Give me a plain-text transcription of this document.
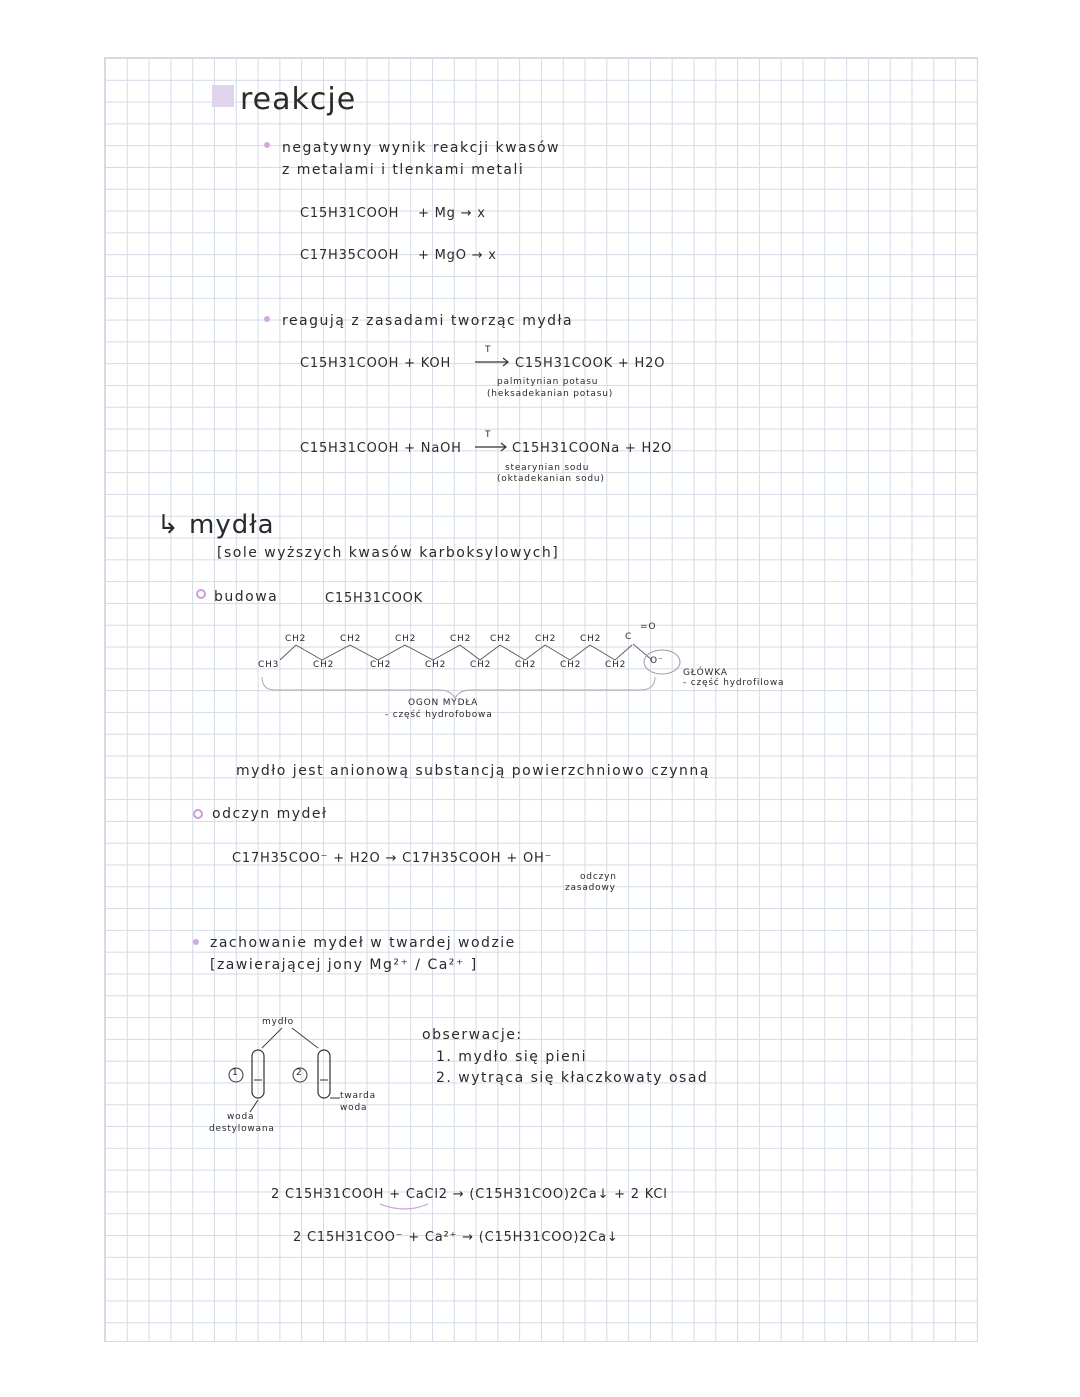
reakcje
negatywny wynik reakcji kwasów
z metalami i tlenkami metali
C15H31COOH + Mg → x
C17H35COOH + MgO → x
reagują z zasadami tworząc mydła
C15H31COOH + KOH
T
C15H31COOK + H2O
palmitynian potasu
(heksadekanian potasu)
C15H31COOH + NaOH
T
C15H31COONa + H2O
stearynian sodu
(oktadekanian sodu)
↳ mydła
[sole wyższych kwasów karboksylowych]
budowa	C15H31COOK
CH2	CH2	CH2	CH2 CH2	CH2	CH2	C
=O
CH3	CH2	CH2	CH2	CH2	CH2	CH2	CH2	O⁻
GŁÓWKA
- część hydrofilowa
OGON MYDŁA
- część hydrofobowa
mydło jest anionową substancją powierzchniowo czynną
odczyn mydeł
C17H35COO⁻ + H2O → C17H35COOH + OH⁻
odczyn
zasadowy
zachowanie mydeł w twardej wodzie
[zawierającej jony Mg²⁺ / Ca²⁺ ]
mydło
1	2
woda
destylowana
twarda
woda
obserwacje:
1. mydło się pieni
2. wytrąca się kłaczkowaty osad
2 C15H31COOH + CaCl2 → (C15H31COO)2Ca↓ + 2 KCl
2 C15H31COO⁻ + Ca²⁺ → (C15H31COO)2Ca↓
